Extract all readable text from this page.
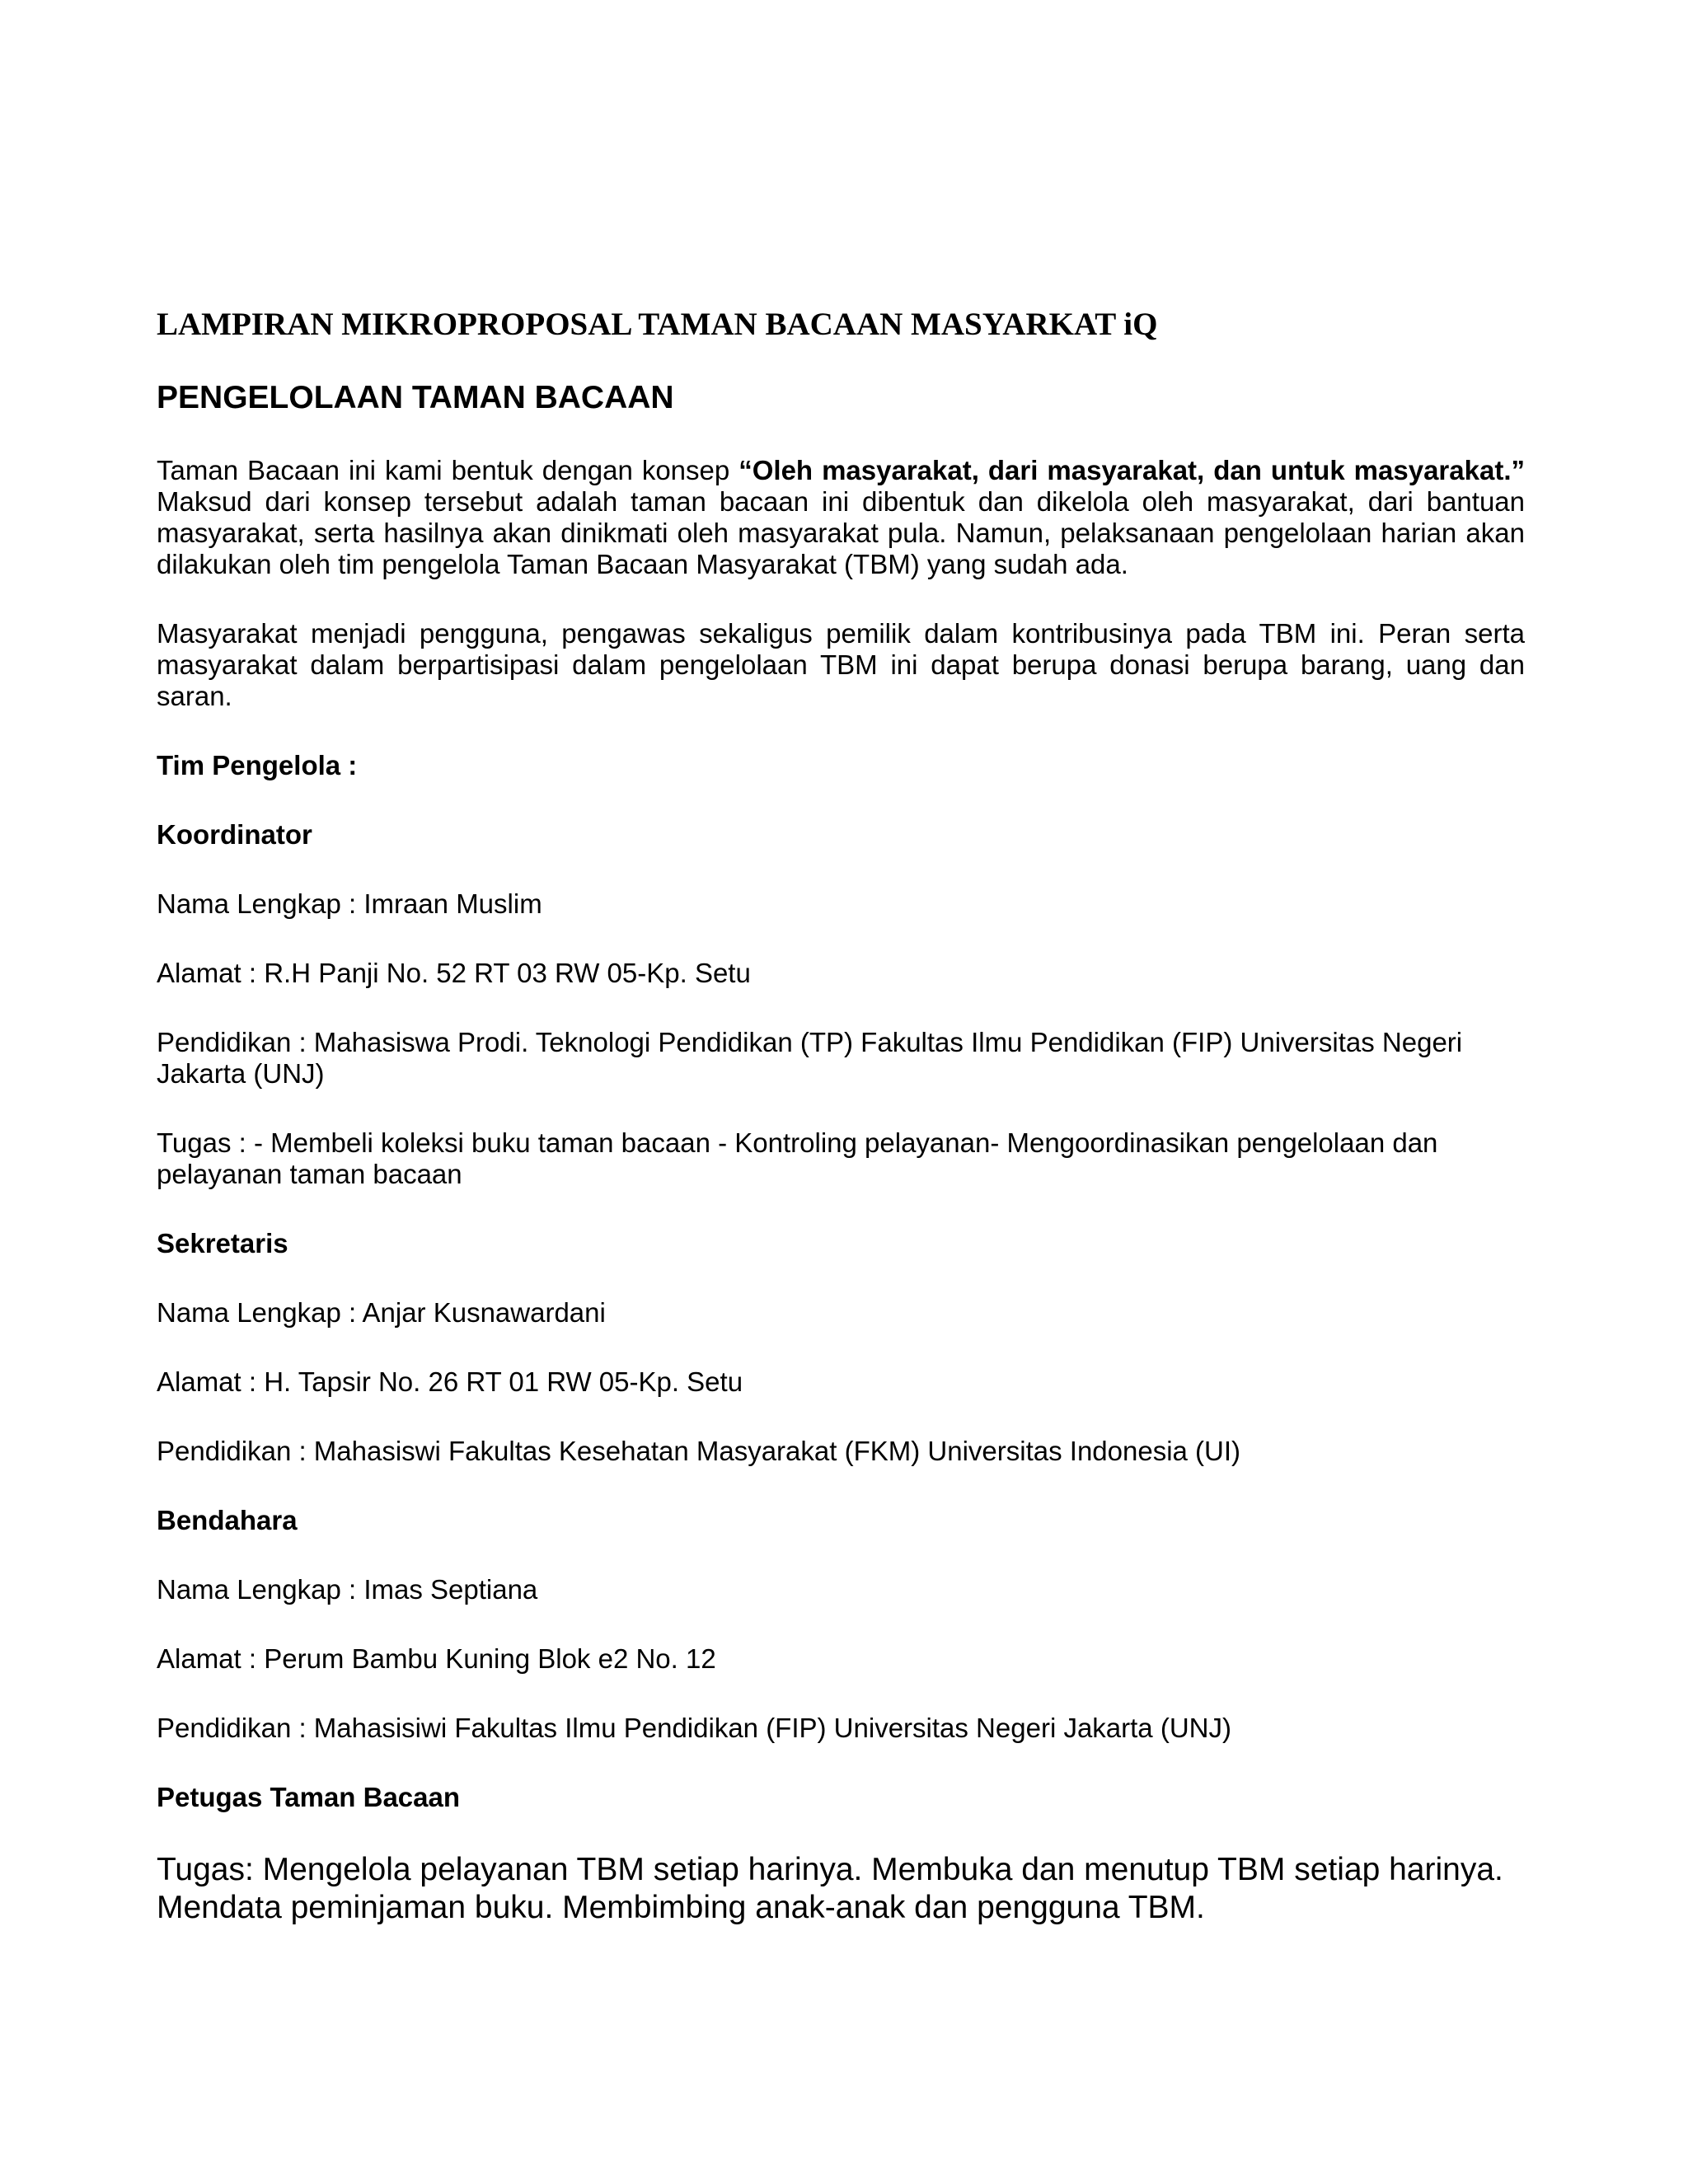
LAMPIRAN MIKROPROPOSAL TAMAN BACAAN MASYARKAT iQ
PENGELOLAAN TAMAN BACAAN

Taman Bacaan ini kami bentuk dengan konsep “Oleh masyarakat, dari masyarakat, dan untuk masyarakat.” Maksud dari konsep tersebut adalah taman bacaan ini dibentuk dan dikelola oleh masyarakat, dari bantuan masyarakat, serta hasilnya akan dinikmati oleh masyarakat pula. Namun, pelaksanaan pengelolaan harian akan dilakukan oleh tim pengelola Taman Bacaan Masyarakat (TBM) yang sudah ada.

Masyarakat menjadi pengguna, pengawas sekaligus pemilik dalam kontribusinya pada TBM ini. Peran serta masyarakat dalam berpartisipasi dalam pengelolaan TBM ini dapat berupa donasi berupa barang, uang dan saran.

Tim Pengelola :

Koordinator

Nama Lengkap : Imraan Muslim

Alamat : R.H Panji No. 52 RT 03 RW 05-Kp. Setu

Pendidikan : Mahasiswa Prodi. Teknologi Pendidikan (TP) Fakultas Ilmu Pendidikan (FIP) Universitas Negeri Jakarta (UNJ)

Tugas : - Membeli koleksi buku taman bacaan - Kontroling pelayanan- Mengoordinasikan pengelolaan dan pelayanan taman bacaan

Sekretaris

Nama Lengkap : Anjar Kusnawardani

Alamat : H. Tapsir No. 26 RT 01 RW 05-Kp. Setu

Pendidikan : Mahasiswi Fakultas Kesehatan Masyarakat (FKM) Universitas Indonesia (UI)

Bendahara

Nama Lengkap : Imas Septiana

Alamat : Perum Bambu Kuning Blok e2 No. 12

Pendidikan : Mahasisiwi Fakultas Ilmu Pendidikan (FIP) Universitas Negeri Jakarta (UNJ)

Petugas Taman Bacaan

Tugas: Mengelola pelayanan TBM setiap harinya. Membuka dan menutup TBM setiap harinya. Mendata peminjaman buku. Membimbing anak-anak dan pengguna TBM.
